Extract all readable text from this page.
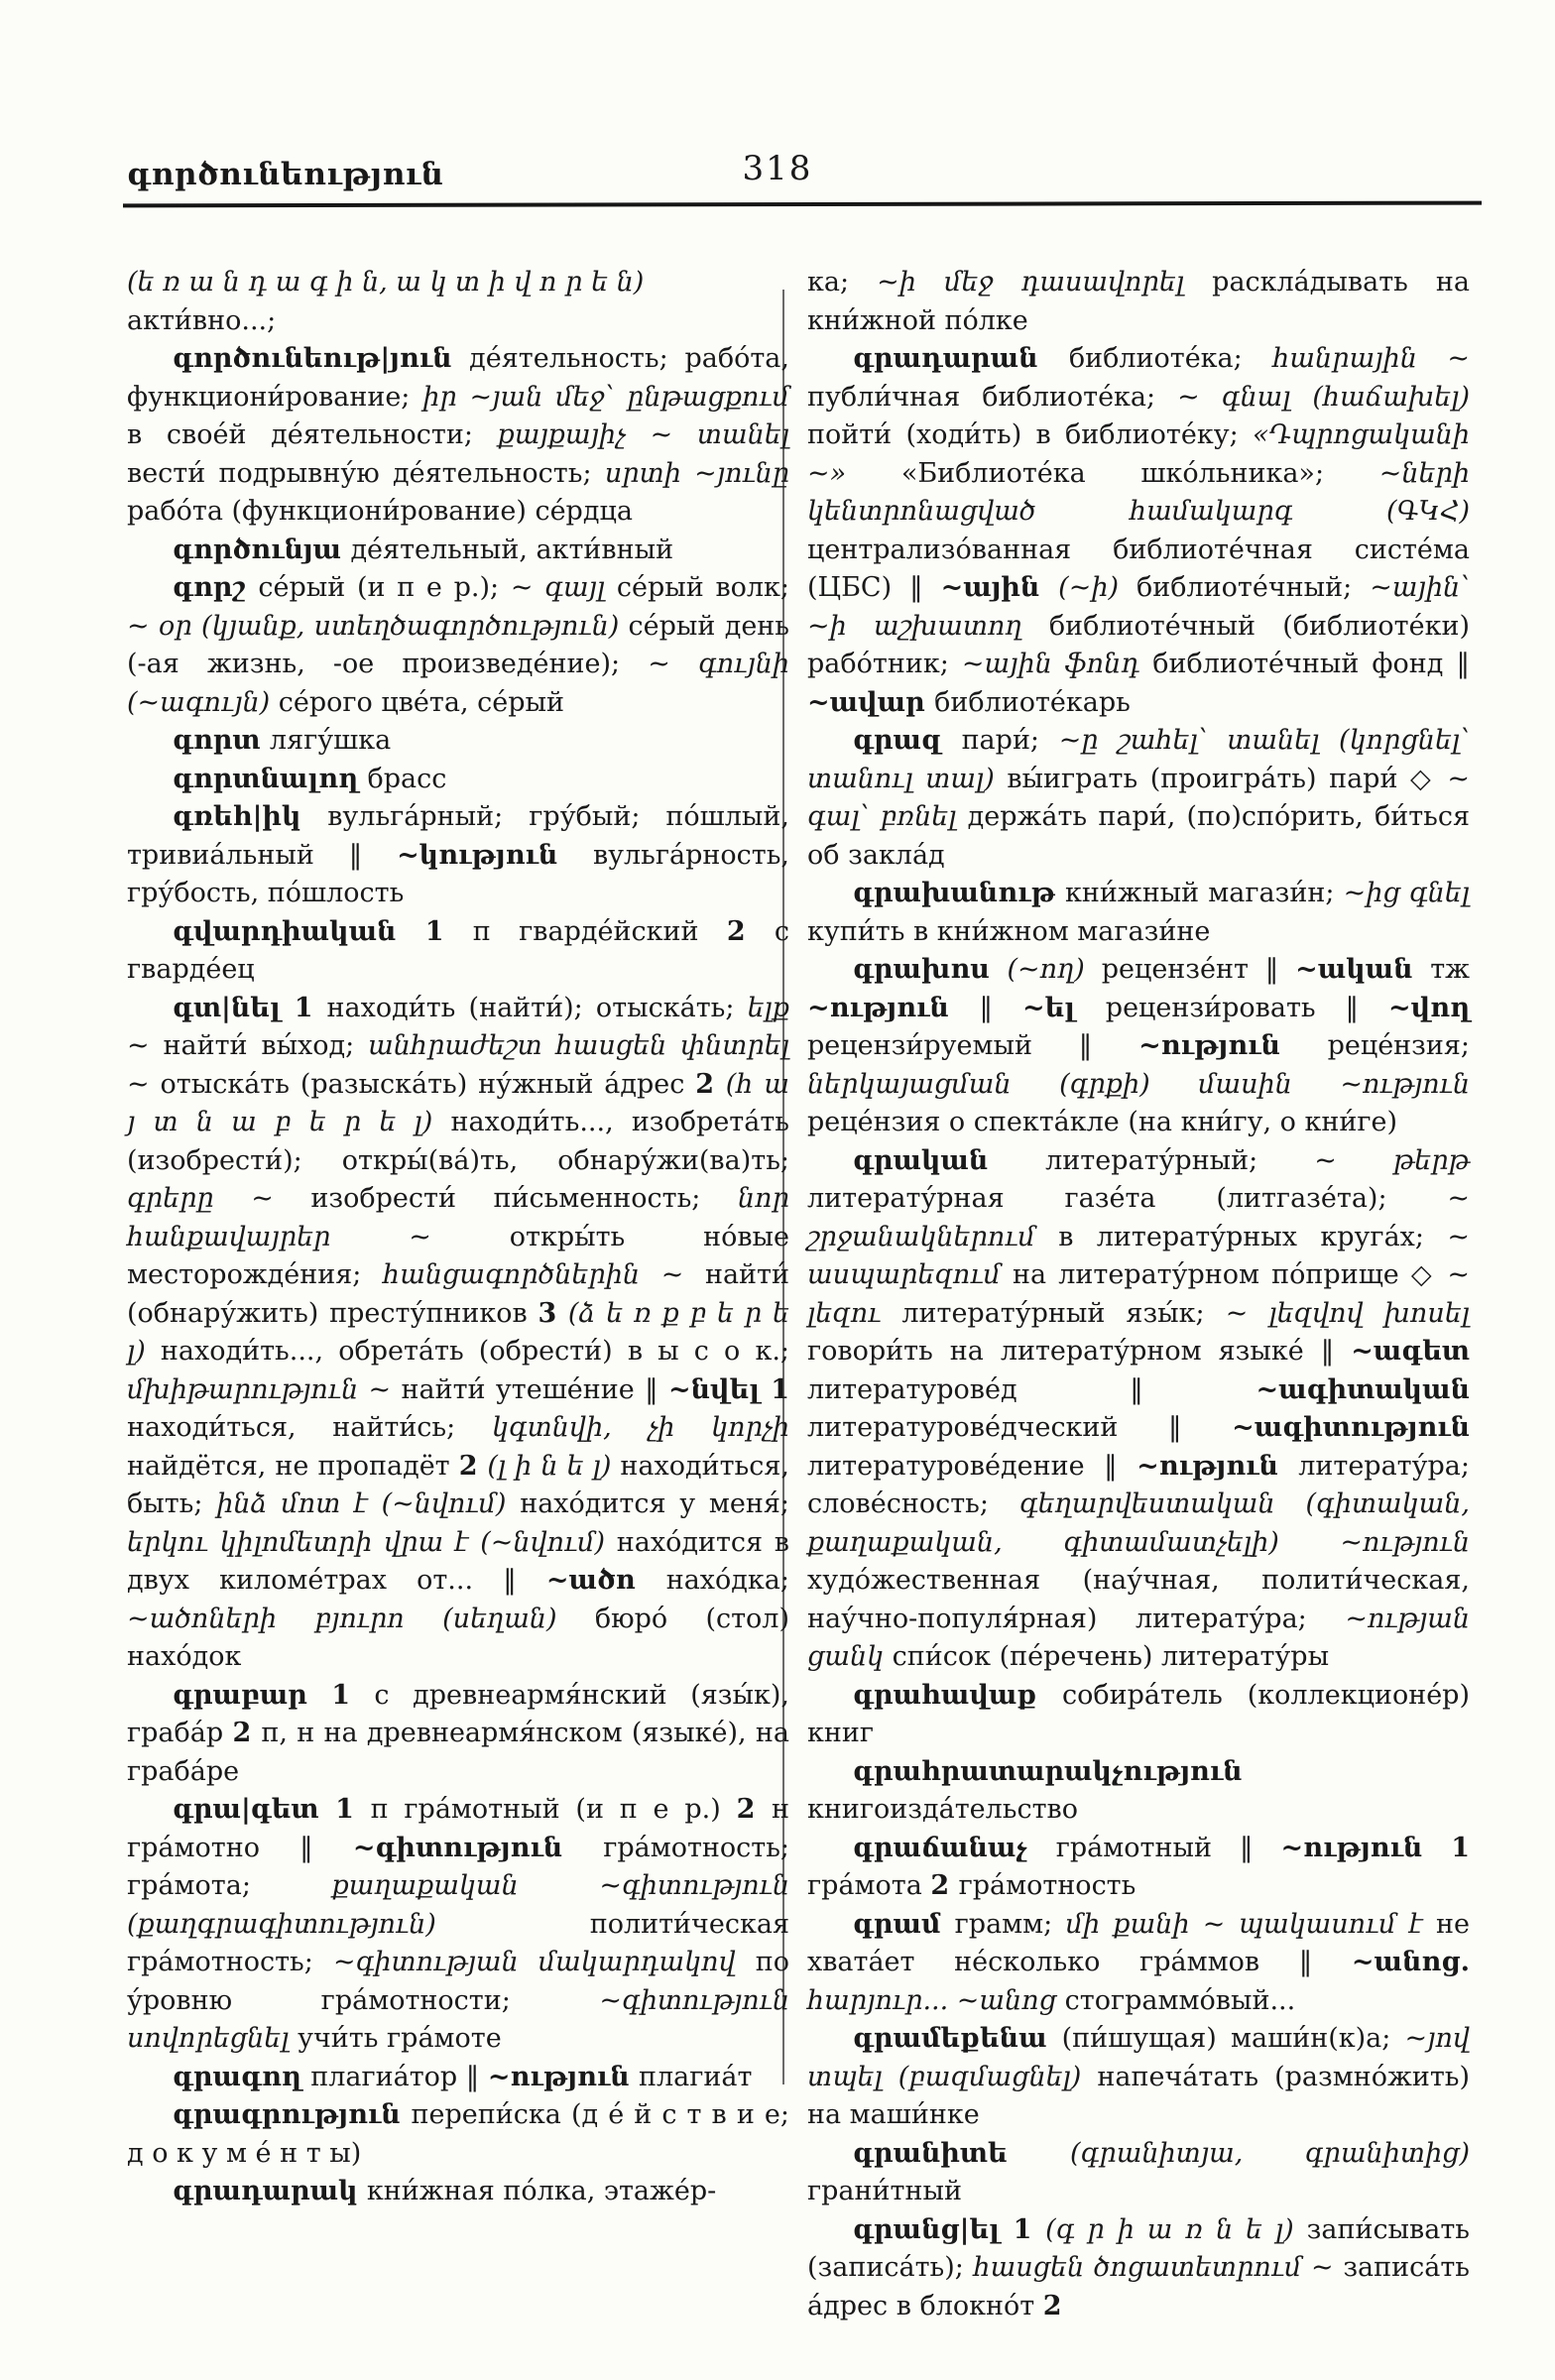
գործունեություն	318

(ե ռ ա ն դ ա գ ի ն, ա կ տ ի վ ո ր ե ն)

акти́вно...;

գործունեութ|յուն де́ятельность; рабо́та, функциони́рование; իր ~յան մեջ՝ ընթացքում в свое́й де́ятельности; քայքայիչ ~ տանել вести́ подрывну́ю де́ятельность; սրտի ~յունը рабо́та (функциони́рование) се́рдца

գործունյա де́ятельный, акти́вный

գորշ се́рый (и п е р.); ~ գայլ се́рый волк; ~ օր (կյանք, ստեղծագործություն) се́рый день (-ая жизнь, -ое произведе́ние); ~ գույնի (~ագույն) се́рого цве́та, се́рый

գորտ лягу́шка

գորտնալող брасс

գռեհ|իկ вульга́рный; гру́бый; по́шлый, тривиа́льный ‖ ~կություն вульга́рность, гру́бость, по́шлость

գվարդիական 1 п гварде́йский 2 с гварде́ец

գտ|նել 1 находи́ть (найти́); отыска́ть; ելք ~ найти́ вы́ход; անհրաժեշտ հասցեն փնտրել ~ отыска́ть (разыска́ть) ну́жный а́дрес 2 (հ ա յ տ ն ա բ ե ր ե լ) находи́ть..., изобрета́ть (изобрести́); откры́(ва́)ть, обнару́жи(ва)ть; գրերը ~ изобрести́ пи́сьменность; նոր հանքավայրեր ~ откры́ть но́вые месторожде́ния; հանցագործներին ~ найти́ (обнару́жить) престу́пников 3 (ձ ե ռ ք բ ե ր ե լ) находи́ть..., обрета́ть (обрести́) в ы с о к.; մխիթարություն ~ найти́ утеше́ние ‖ ~նվել 1 находи́ться, найти́сь; կգտնվի, չի կորչի найдётся, не пропадёт 2 (լ ի ն ե լ) находи́ться, быть; ինձ մոտ է (~նվում) нахо́дится у меня́; երկու կիլոմետրի վրա է (~նվում) нахо́дится в двух киломе́трах от... ‖ ~ածո нахо́дка; ~ածոների բյուրո (սեղան) бюро́ (стол) нахо́док

գրաբար 1 с древнеармя́нский (язы́к), граба́р 2 п, н на древнеармя́нском (языке́), на граба́ре

գրա|գետ 1 п гра́мотный (и п е р.) 2 н гра́мотно ‖ ~գիտություն гра́мотность; гра́мота; քաղաքական ~գիտություն (քաղգրագիտություն) полити́ческая гра́мотность; ~գիտության մակարդակով по у́ровню гра́мотности; ~գիտություն սովորեցնել учи́ть гра́моте

գրագող плагиа́тор ‖ ~ություն плагиа́т

գրագրություն перепи́ска (д е́ й с т в и е; д о к у м е́ н т ы)

գրադարակ кни́жная по́лка, этаже́р-

ка; ~ի մեջ դասավորել раскла́дывать на кни́жной по́лке

գրադարան библиоте́ка; հանրային ~ публи́чная библиоте́ка; ~ գնալ (հաճախել) пойти́ (ходи́ть) в библиоте́ку; «Դպրոցականի ~» «Библиоте́ка шко́льника»; ~ների կենտրոնացված համակարգ (ԳԿՀ) централизо́ванная библиоте́чная систе́ма (ЦБС) ‖ ~ային (~ի) библиоте́чный; ~ային՝ ~ի աշխատող библиоте́чный (библиоте́ки) рабо́тник; ~ային ֆոնդ библиоте́чный фонд ‖ ~ավար библиоте́карь

գրազ пари́; ~ը շահել՝ տանել (կորցնել՝ տանուլ տալ) вы́играть (проигра́ть) пари́ ◇ ~ գալ՝ բռնել держа́ть пари́, (по)спо́рить, би́ться об закла́д

գրախանութ кни́жный магази́н; ~ից գնել купи́ть в кни́жном магази́не

գրախոս (~ող) рецензе́нт ‖ ~ական тж ~ություն ‖ ~ել рецензи́ровать ‖ ~վող рецензи́руемый ‖ ~ություն реце́нзия; ներկայացման (գրքի) մասին ~ություն реце́нзия о спекта́кле (на кни́гу, о кни́ге)

գրական литерату́рный; ~ թերթ литерату́рная газе́та (литгазе́та); ~ շրջանակներում в литерату́рных круга́х; ~ ասպարեզում на литерату́рном по́прище ◇ ~ լեզու литерату́рный язы́к; ~ լեզվով խոսել говори́ть на литерату́рном языке́ ‖ ~ագետ литературове́д ‖ ~ագիտական литературове́дческий ‖ ~ագիտություն литературове́дение ‖ ~ություն литерату́ра; слове́сность; գեղարվեստական (գիտական, քաղաքական, գիտամատչելի) ~ություն худо́жественная (нау́чная, полити́ческая, нау́чно-популя́рная) литерату́ра; ~ության ցանկ спи́сок (пе́речень) литерату́ры

գրահավաք собира́тель (коллекционе́р) книг

գրահրատարակչություն книгоизда́тельство

գրաճանաչ гра́мотный ‖ ~ություն 1 гра́мота 2 гра́мотность

գրամ грамм; մի քանի ~ պակասում է не хвата́ет не́сколько гра́ммов ‖ ~անոց. հարյուր... ~անոց стограммо́вый...

գրամեքենա (пи́шущая) маши́н(к)а; ~յով տպել (բազմացնել) напеча́тать (размно́жить) на маши́нке

գրանիտե (գրանիտյա, գրանիտից) грани́тный

գրանց|ել 1 (գ ր ի ա ռ ն ե լ) запи́сывать (записа́ть); հասցեն ծոցատետրում ~ записа́ть а́дрес в блокно́т 2
